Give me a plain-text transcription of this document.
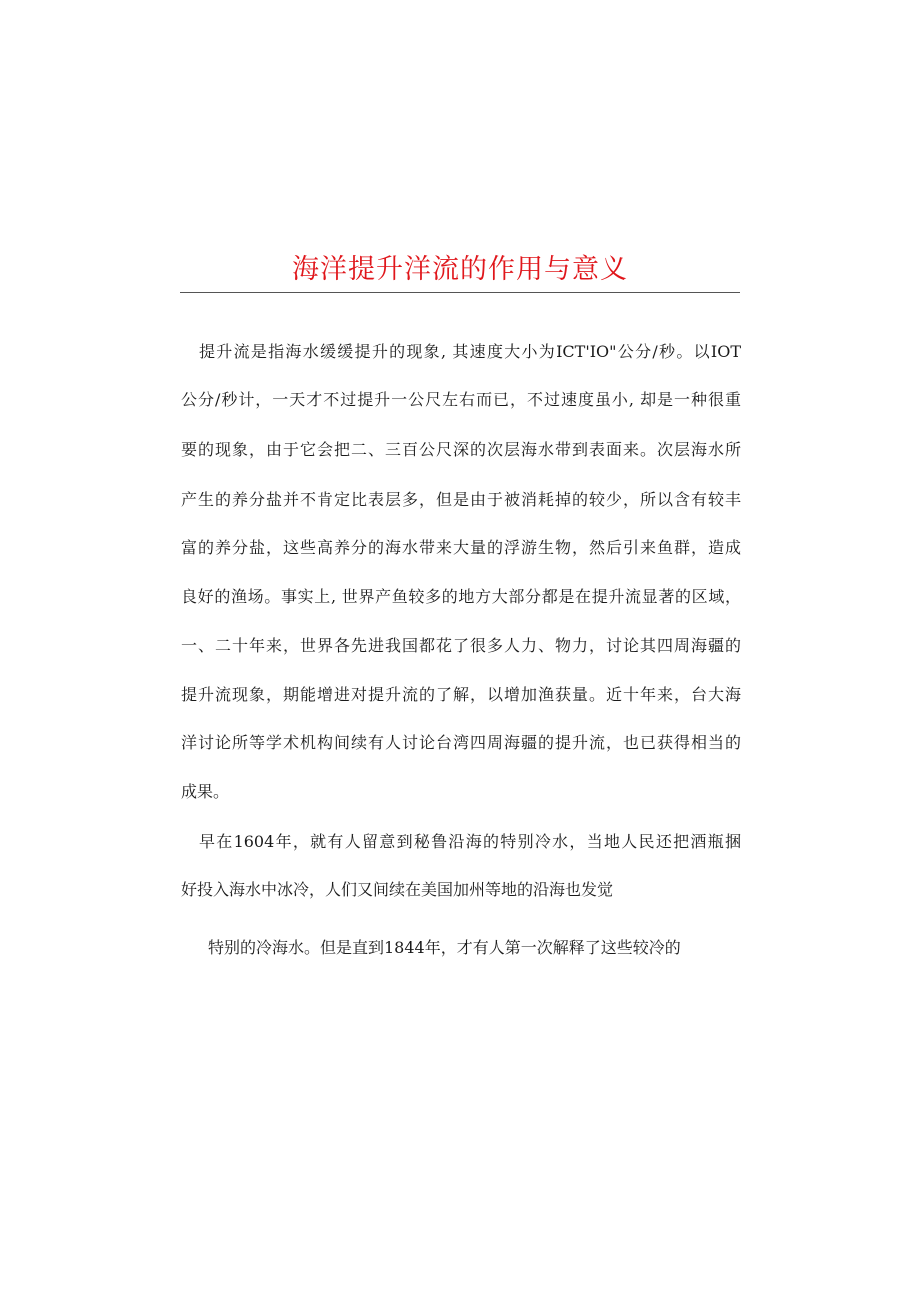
海洋提升洋流的作用与意义
提升流是指海水缓缓提升的现象, 其速度大小为ICT'IO"公分/秒。以IOT
公分/秒计，一天才不过提升一公尺左右而已，不过速度虽小, 却是一种很重
要的现象，由于它会把二、三百公尺深的次层海水带到表面来。次层海水所
产生的养分盐并不肯定比表层多，但是由于被消耗掉的较少，所以含有较丰
富的养分盐，这些高养分的海水带来大量的浮游生物，然后引来鱼群，造成
良好的渔场。事实上, 世界产鱼较多的地方大部分都是在提升流显著的区域，
一、二十年来，世界各先进我国都花了很多人力、物力，讨论其四周海疆的
提升流现象，期能增进对提升流的了解，以增加渔获量。近十年来，台大海
洋讨论所等学术机构间续有人讨论台湾四周海疆的提升流，也已获得相当的
成果。
早在1604年，就有人留意到秘鲁沿海的特别冷水，当地人民还把酒瓶捆
好投入海水中冰冷，人们又间续在美国加州等地的沿海也发觉
特别的冷海水。但是直到1844年，才有人第一次解释了这些较冷的
